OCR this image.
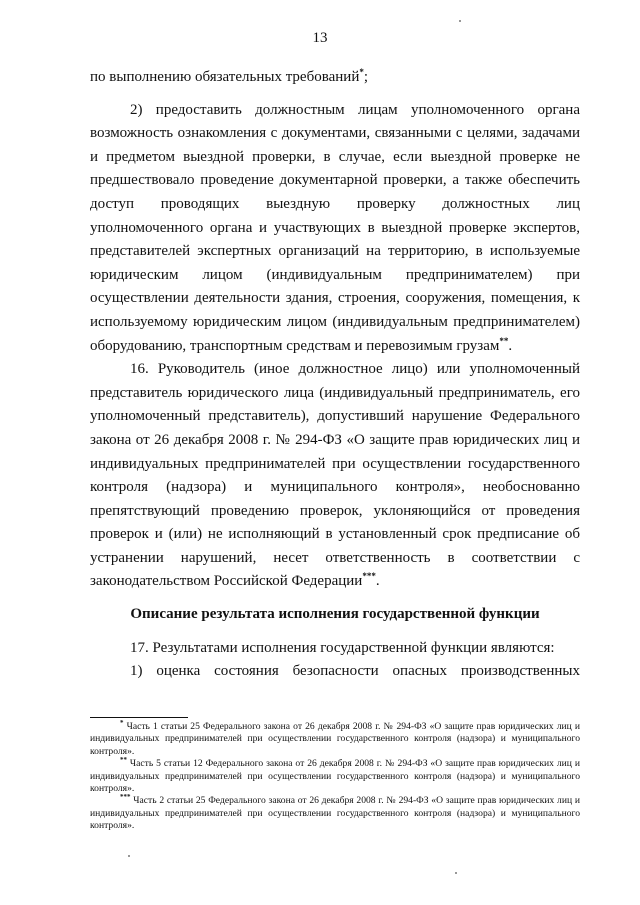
13

по выполнению обязательных требований*;

2) предоставить должностным лицам уполномоченного органа возможность ознакомления с документами, связанными с целями, задачами и предметом выездной проверки, в случае, если выездной проверке не предшествовало проведение документарной проверки, а также обеспечить доступ проводящих выездную проверку должностных лиц уполномоченного органа и участвующих в выездной проверке экспертов, представителей экспертных организаций на территорию, в используемые юридическим лицом (индивидуальным предпринимателем) при осуществлении деятельности здания, строения, сооружения, помещения, к используемому юридическим лицом (индивидуальным предпринимателем) оборудованию, транспортным средствам и перевозимым грузам**.

16. Руководитель (иное должностное лицо) или уполномоченный представитель юридического лица (индивидуальный предприниматель, его уполномоченный представитель), допустивший нарушение Федерального закона от 26 декабря 2008 г. № 294-ФЗ «О защите прав юридических лиц и индивидуальных предпринимателей при осуществлении государственного контроля (надзора) и муниципального контроля», необоснованно препятствующий проведению проверок, уклоняющийся от проведения проверок и (или) не исполняющий в установленный срок предписание об устранении нарушений, несет ответственность в соответствии с законодательством Российской Федерации***.

Описание результата исполнения государственной функции

17. Результатами исполнения государственной функции являются:

1) оценка состояния безопасности опасных производственных

* Часть 1 статьи 25 Федерального закона от 26 декабря 2008 г. № 294-ФЗ «О защите прав юридических лиц и индивидуальных предпринимателей при осуществлении государственного контроля (надзора) и муниципального контроля».

** Часть 5 статьи 12 Федерального закона от 26 декабря 2008 г. № 294-ФЗ «О защите прав юридических лиц и индивидуальных предпринимателей при осуществлении государственного контроля (надзора) и муниципального контроля».

*** Часть 2 статьи 25 Федерального закона от 26 декабря 2008 г. № 294-ФЗ «О защите прав юридических лиц и индивидуальных предпринимателей при осуществлении государственного контроля (надзора) и муниципального контроля».
